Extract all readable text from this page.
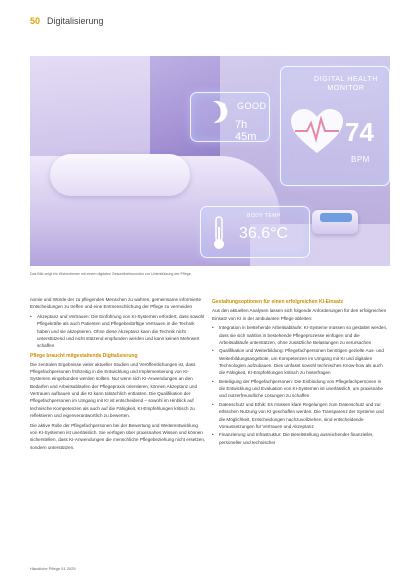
50 Digitalisierung
✦ GOOD
7h 45m
DIGITAL HEALTH MONITOR
74
BPM
BODY TEMP
36.6°C
Das Bild zeigt ein Wohnzimmer mit einem digitalen Gesundheitsmonitor zur Unterstützung der Pflege.

nomie und Würde der zu pflegenden Menschen zu wahren, gemeinsame informierte Entscheidungen zu treffen und eine Entmenschlichung der Pflege zu vermeiden

• Akzeptanz und Vertrauen: Die Einführung von KI-Systemen erfordert, dass sowohl Pflegekräfte als auch Patienten und Pflegebedürftige Vertrauen in die Technik haben und sie akzeptieren. Ohne diese Akzeptanz kann die Technik nicht unterstützend und nicht stützend empfunden werden und kann keinen Mehrwert schaffen
Pflege braucht mitgestaltende Digitalisierung

Die zentralen Ergebnisse vieler aktueller Studien und Veröffentlichungen ist, dass Pflegefachpersonen frühzeitig in die Entwicklung und Implementierung von KI-Systemen eingebunden werden sollten. Nur wenn sich KI-Anwendungen an den Bedarfen und Arbeitsabläufen der Pflegepraxis orientieren, können Akzeptanz und Vertrauen aufbauen und die KI kann tatsächlich entlasten. Die Qualifikation der Pflegefachpersonen im Umgang mit KI ist entscheidend – sowohl im Hinblick auf technische Kompetenzen als auch auf die Fähigkeit, KI-Empfehlungen kritisch zu reflektieren und eigenverantwortlich zu bewerten.

Die aktive Rolle der Pflegefachpersonen bei der Bewertung und Weiterentwicklung von KI-Systemen ist unerlässlich. Sie verfügen über praxisnahes Wissen und können sicherstellen, dass KI-Anwendungen die menschliche Pflegebeziehung nicht ersetzen, sondern unterstützen.

Gestaltungsoptionen für einen erfolgreichen KI-Einsatz

Aus den aktuellen Analysen lassen sich folgende Anforderungen für den erfolgreichen Einsatz von KI in der ambulanten Pflege ableiten:

• Integration in bestehende Arbeitsabläufe: KI-Systeme müssen so gestaltet werden, dass sie sich nahtlos in bestehende Pflegeprozesse einfügen und die Arbeitsabläufe unterstützen, ohne zusätzliche Belastungen zu verursachen
• Qualifikation und Weiterbildung: Pflegefachpersonen benötigen gezielte Aus- und Weiterbildungsangebote, um Kompetenzen im Umgang mit KI und digitalen Technologien aufzubauen. Dies umfasst sowohl technisches Know-how als auch die Fähigkeit, KI-Empfehlungen kritisch zu hinterfragen
• Beteiligung der Pflegefachpersonen: Die Einbindung von Pflegefachpersonen in die Entwicklung und Evaluation von KI-Systemen ist unerlässlich, um praxisnahe und nutzerfreundliche Lösungen zu schaffen
• Datenschutz und Ethik: Es müssen klare Regelungen zum Datenschutz und zur ethischen Nutzung von KI geschaffen werden. Die Transparenz der Systeme und die Möglichkeit, Entscheidungen nachzuvollziehen, sind entscheidende Voraussetzungen für Vertrauen und Akzeptanz
• Finanzierung und Infrastruktur: Die Bereitstellung ausreichender finanzieller, personeller und technischer
Häusliche Pflege 01 2025
